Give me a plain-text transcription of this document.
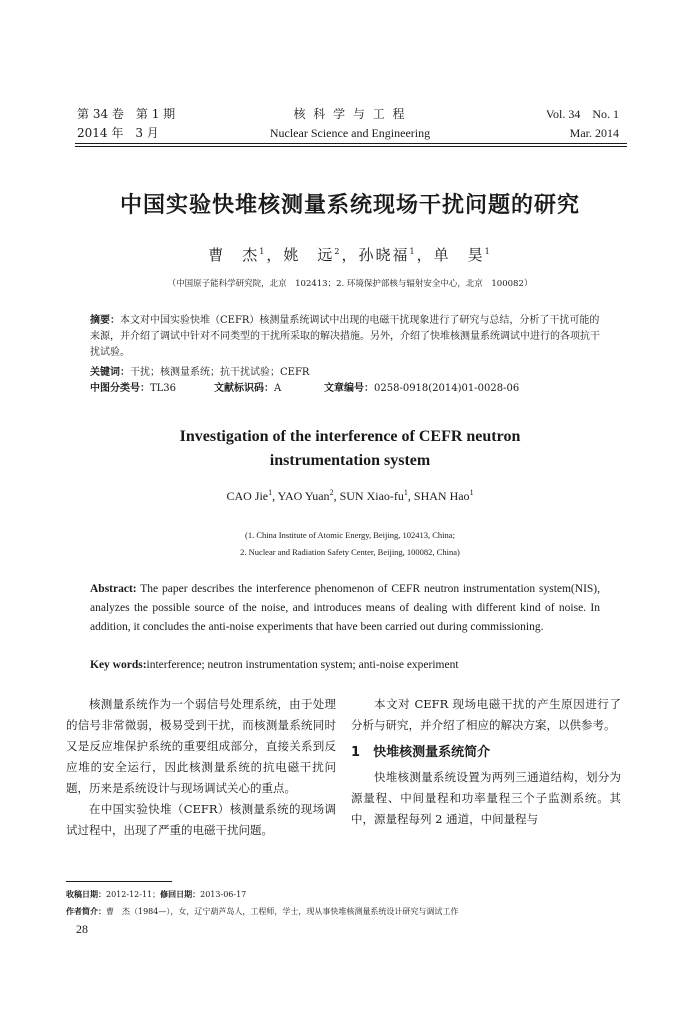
第 34 卷　第 1 期
2014 年　3 月
核 科 学 与 工 程
Nuclear Science and Engineering
Vol. 34　No. 1
Mar. 2014
中国实验快堆核测量系统现场干扰问题的研究
曹　杰$^1$，姚　远$^2$，孙晓福$^1$，单　昊$^1$
（中国原子能科学研究院，北京　102413；2. 环境保护部核与辐射安全中心，北京　100082）
摘要：本文对中国实验快堆（CEFR）核测量系统调试中出现的电磁干扰现象进行了研究与总结，分析了干扰可能的来源，并介绍了调试中针对不同类型的干扰所采取的解决措施。另外，介绍了快堆核测量系统调试中进行的各项抗干扰试验。
关键词：干扰；核测量系统；抗干扰试验；CEFR
中图分类号：TL36	文献标识码：A	文章编号：0258-0918(2014)01-0028-06
Investigation of the interference of CEFR neutron instrumentation system
CAO Jie$^1$, YAO Yuan$^2$, SUN Xiao-$fu^1$, SHAN Hao$^1$
(1. China Institute of Atomic Energy, Beijing, 102413, China;
2. Nuclear and Radiation Safety Center, Beijing, 100082, China)
Abstract: The paper describes the interference phenomenon of CEFR neutron instrumentation system(NIS), analyzes the possible source of the noise, and introduces means of dealing with different kind of noise. In addition, it concludes the anti-noise experiments that have been carried out during commissioning.
Key words:interference; neutron instrumentation system; anti-noise experiment

核测量系统作为一个弱信号处理系统，由于处理的信号非常微弱，极易受到干扰，而核测量系统同时又是反应堆保护系统的重要组成部分，直接关系到反应堆的安全运行，因此核测量系统的抗电磁干扰问题，历来是系统设计与现场调试关心的重点。

在中国实验快堆（CEFR）核测量系统的现场调试过程中，出现了严重的电磁干扰问题。

本文对 CEFR 现场电磁干扰的产生原因进行了分析与研究，并介绍了相应的解决方案，以供参考。

1　 快堆核测量系统简介

快堆核测量系统设置为两列三通道结构，划分为源量程、中间量程和功率量程三个子监测系统。其中，源量程每列 2 通道，中间量程与

收稿日期：2012-12-11；修回日期：2013-06-17
作者简介：曹　杰（1984—），女，辽宁葫芦岛人，工程师，学士，现从事快堆核测量系统设计研究与调试工作
28
